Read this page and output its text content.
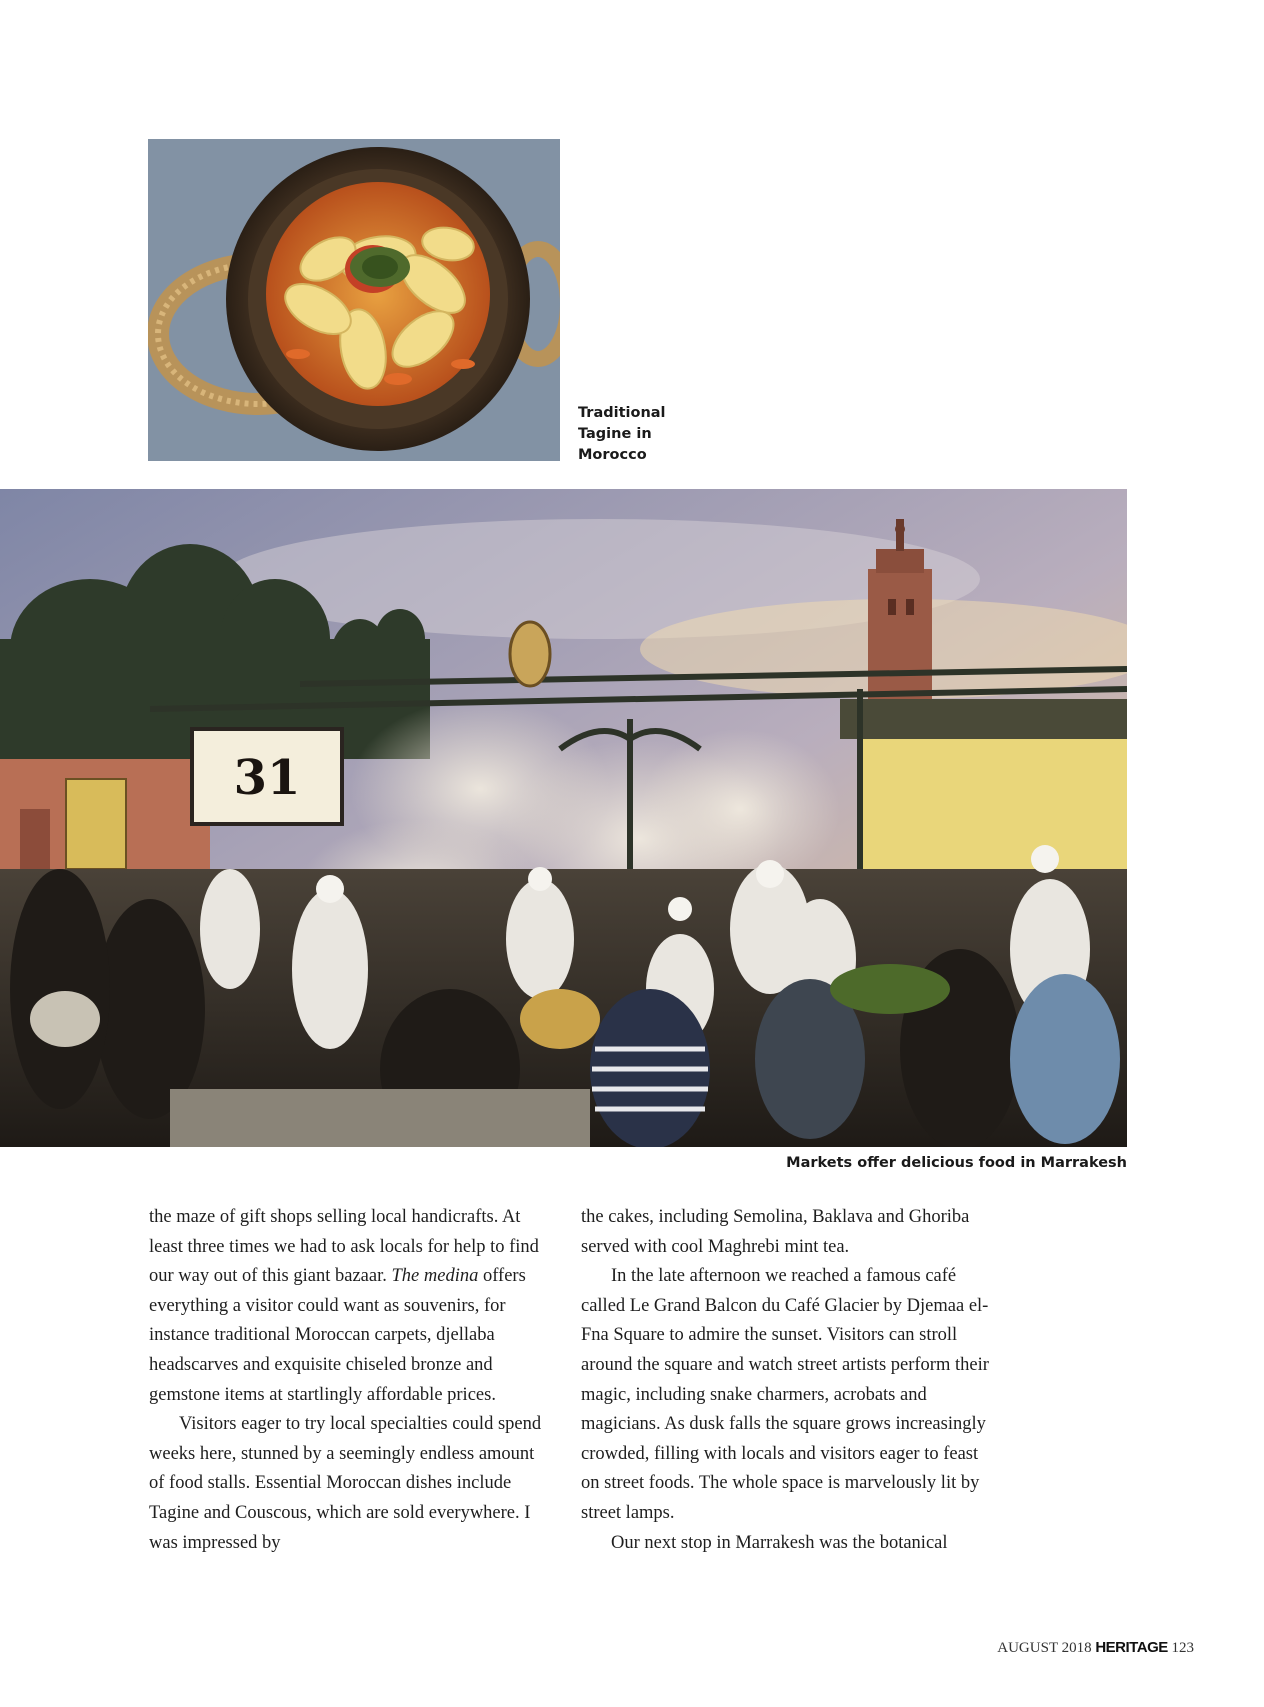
Traditional
Tagine in
Morocco
31
Markets offer delicious food in Marrakesh

the maze of gift shops selling local handicrafts. At least three times we had to ask locals for help to find our way out of this giant bazaar. The medina offers everything a visitor could want as souvenirs, for instance traditional Moroccan carpets, djellaba headscarves and exquisite chiseled bronze and gemstone items at startlingly affordable prices.

Visitors eager to try local specialties could spend weeks here, stunned by a seemingly endless amount of food stalls. Essential Moroccan dishes include Tagine and Couscous, which are sold everywhere. I was impressed by

the cakes, including Semolina, Baklava and Ghoriba served with cool Maghrebi mint tea.

In the late afternoon we reached a famous café called Le Grand Balcon du Café Glacier by Djemaa el-Fna Square to admire the sunset. Visitors can stroll around the square and watch street artists perform their magic, including snake charmers, acrobats and magicians. As dusk falls the square grows increasingly crowded, filling with locals and visitors eager to feast on street foods. The whole space is marvelously lit by street lamps.

Our next stop in Marrakesh was the botanical

AUGUST 2018 HERITAGE 123
